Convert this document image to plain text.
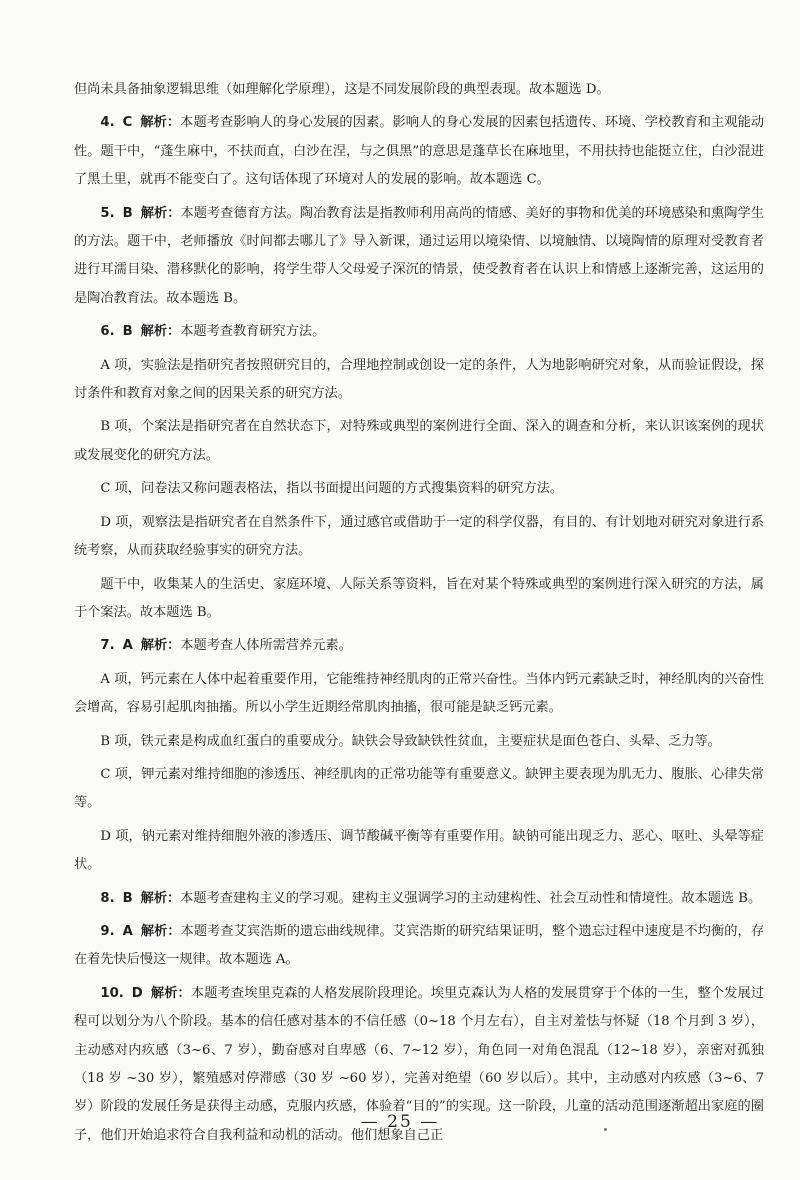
但尚未具备抽象逻辑思维（如理解化学原理），这是不同发展阶段的典型表现。故本题选 D。

4. C 解析：本题考查影响人的身心发展的因素。影响人的身心发展的因素包括遗传、环境、学校教育和主观能动性。题干中，“蓬生麻中，不扶而直，白沙在涅，与之俱黑”的意思是蓬草长在麻地里，不用扶持也能挺立住，白沙混进了黑土里，就再不能变白了。这句话体现了环境对人的发展的影响。故本题选 C。

5. B 解析：本题考查德育方法。陶冶教育法是指教师利用高尚的情感、美好的事物和优美的环境感染和熏陶学生的方法。题干中，老师播放《时间都去哪儿了》导入新课，通过运用以境染情、以境触情、以境陶情的原理对受教育者进行耳濡目染、潜移默化的影响，将学生带人父母爱子深沉的情景，使受教育者在认识上和情感上逐渐完善，这运用的是陶冶教育法。故本题选 B。

6. B 解析：本题考查教育研究方法。

A 项，实验法是指研究者按照研究目的，合理地控制或创设一定的条件，人为地影响研究对象，从而验证假设，探讨条件和教育对象之间的因果关系的研究方法。

B 项，个案法是指研究者在自然状态下，对特殊或典型的案例进行全面、深入的调查和分析，来认识该案例的现状或发展变化的研究方法。

C 项，问卷法又称问题表格法，指以书面提出问题的方式搜集资料的研究方法。

D 项，观察法是指研究者在自然条件下，通过感官或借助于一定的科学仪器，有目的、有计划地对研究对象进行系统考察，从而获取经验事实的研究方法。

题干中，收集某人的生活史、家庭环境、人际关系等资料，旨在对某个特殊或典型的案例进行深入研究的方法，属于个案法。故本题选 B。

7. A 解析：本题考查人体所需营养元素。

A 项，钙元素在人体中起着重要作用，它能维持神经肌肉的正常兴奋性。当体内钙元素缺乏时，神经肌肉的兴奋性会增高，容易引起肌肉抽搐。所以小学生近期经常肌肉抽搐，很可能是缺乏钙元素。

B 项，铁元素是构成血红蛋白的重要成分。缺铁会导致缺铁性贫血，主要症状是面色苍白、头晕、乏力等。

C 项，钾元素对维持细胞的渗透压、神经肌肉的正常功能等有重要意义。缺钾主要表现为肌无力、腹胀、心律失常等。

D 项，钠元素对维持细胞外液的渗透压、调节酸碱平衡等有重要作用。缺钠可能出现乏力、恶心、呕吐、头晕等症状。

8. B 解析：本题考查建构主义的学习观。建构主义强调学习的主动建构性、社会互动性和情境性。故本题选 B。

9. A 解析：本题考查艾宾浩斯的遗忘曲线规律。艾宾浩斯的研究结果证明，整个遗忘过程中速度是不均衡的，存在着先快后慢这一规律。故本题选 A。

10. D 解析：本题考查埃里克森的人格发展阶段理论。埃里克森认为人格的发展贯穿于个体的一生，整个发展过程可以划分为八个阶段。基本的信任感对基本的不信任感（0~18 个月左右），自主对羞怯与怀疑（18 个月到 3 岁），主动感对内疚感（3~6、7 岁），勤奋感对自卑感（6、7~12 岁），角色同一对角色混乱（12~18 岁），亲密对孤独（18 岁 ~30 岁），繁殖感对停滞感（30 岁 ~60 岁），完善对绝望（60 岁以后）。其中，主动感对内疚感（3~6、7 岁）阶段的发展任务是获得主动感，克服内疚感，体验着“目的”的实现。这一阶段，儿童的活动范围逐渐超出家庭的圈子，他们开始追求符合自我利益和动机的活动。他们想象自己正

— 25 —
